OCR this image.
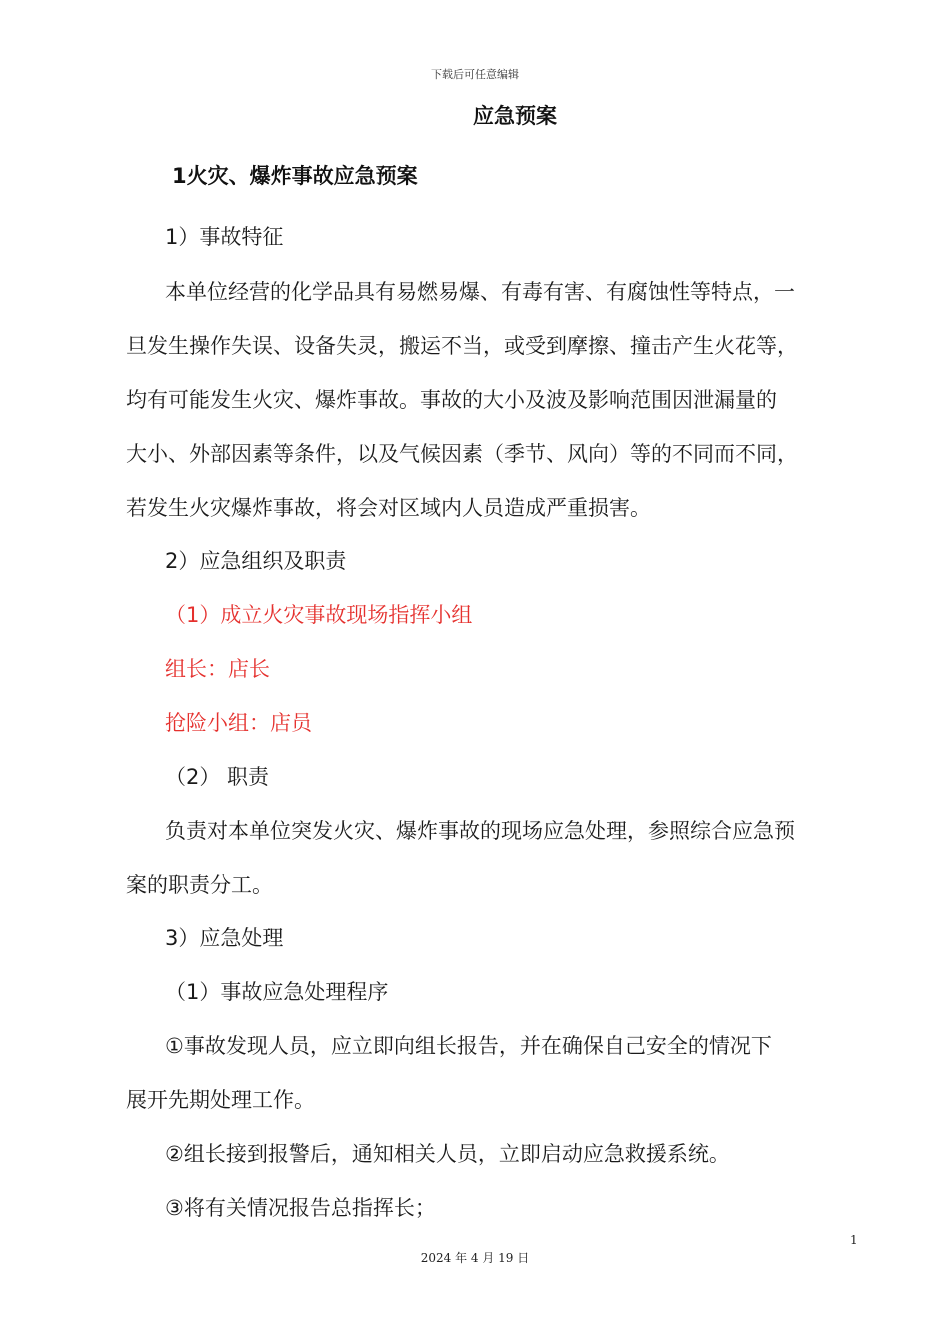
下载后可任意编辑
应急预案
1火灾、爆炸事故应急预案
1）事故特征
本单位经营的化学品具有易燃易爆、有毒有害、有腐蚀性等特点，一
旦发生操作失误、设备失灵，搬运不当，或受到摩擦、撞击产生火花等，
均有可能发生火灾、爆炸事故。事故的大小及波及影响范围因泄漏量的
大小、外部因素等条件，以及气候因素（季节、风向）等的不同而不同，
若发生火灾爆炸事故，将会对区域内人员造成严重损害。
2）应急组织及职责
（1）成立火灾事故现场指挥小组
组长：店长
抢险小组：店员
（2） 职责
负责对本单位突发火灾、爆炸事故的现场应急处理，参照综合应急预
案的职责分工。
3）应急处理
（1）事故应急处理程序
①事故发现人员，应立即向组长报告，并在确保自己安全的情况下
展开先期处理工作。
②组长接到报警后，通知相关人员，立即启动应急救援系统。
③将有关情况报告总指挥长；
1
2024 年 4 月 19 日
